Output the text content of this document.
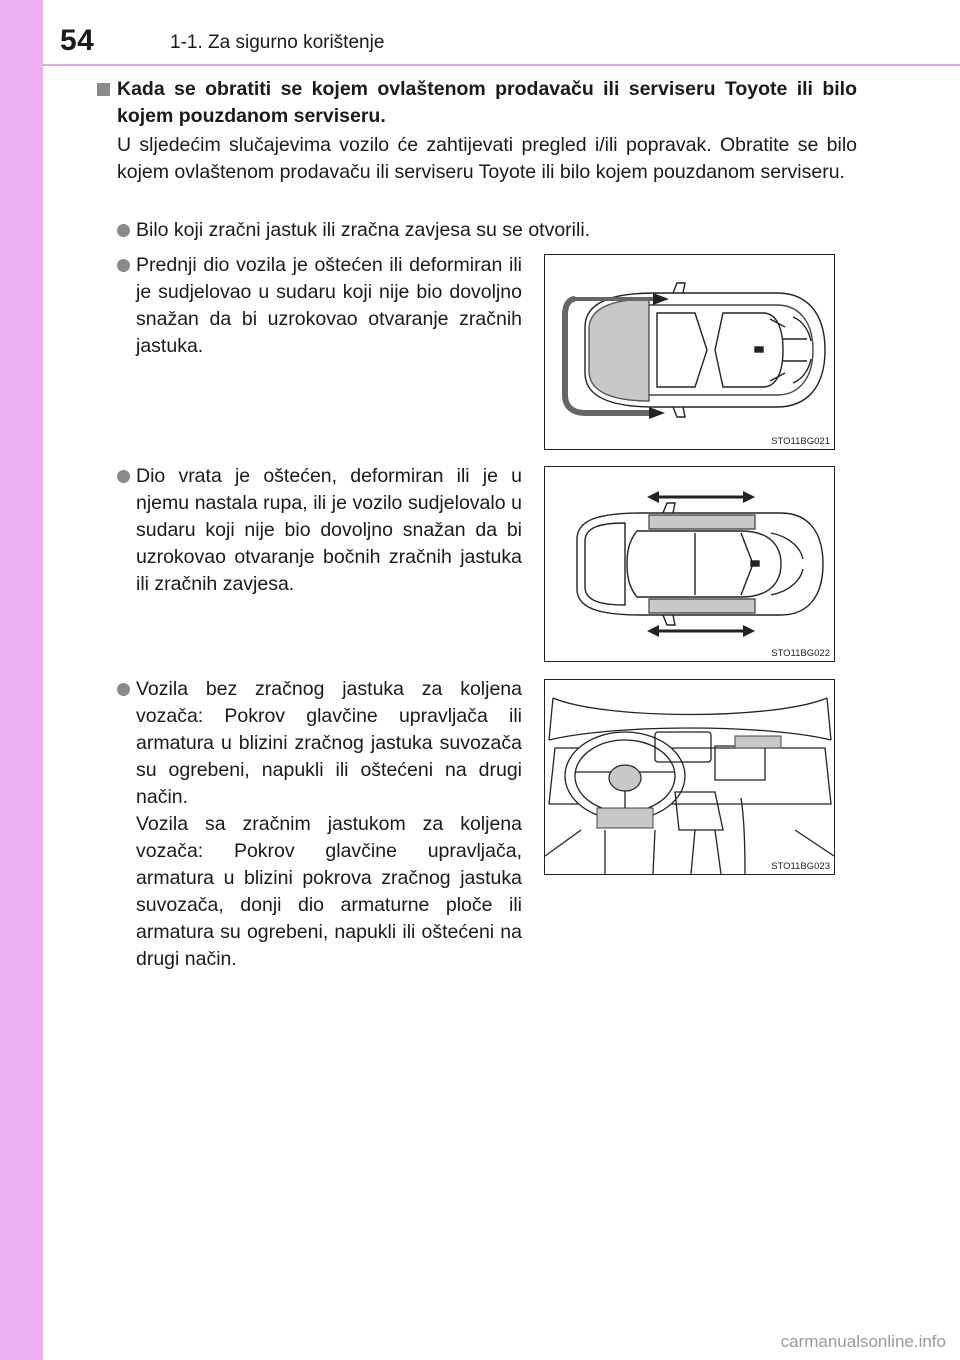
54	1-1. Za sigurno korištenje
Kada se obratiti se kojem ovlaštenom prodavaču ili serviseru Toyote ili bilo kojem pouzdanom serviseru.
U sljedećim slučajevima vozilo će zahtijevati pregled i/ili popravak. Obratite se bilo kojem ovlaštenom prodavaču ili serviseru Toyote ili bilo kojem pouzdanom serviseru.
Bilo koji zračni jastuk ili zračna zavjesa su se otvorili.
Prednji dio vozila je oštećen ili deformiran ili je sudjelovao u sudaru koji nije bio dovoljno snažan da bi uzrokovao otvaranje zračnih jastuka.
Dio vrata je oštećen, deformiran ili je u njemu nastala rupa, ili je vozilo sudjelovalo u sudaru koji nije bio dovoljno snažan da bi uzrokovao otvaranje bočnih zračnih jastuka ili zračnih zavjesa.
Vozila bez zračnog jastuka za koljena vozača: Pokrov glavčine upravljača ili armatura u blizini zračnog jastuka suvozača su ogrebeni, napukli ili oštećeni na drugi način.
Vozila sa zračnim jastukom za koljena vozača: Pokrov glavčine upravljača, armatura u blizini pokrova zračnog jastuka suvozača, donji dio armaturne ploče ili armatura su ogrebeni, napukli ili oštećeni na drugi način.
STO11BG021
STO11BG022
STO11BG023
carmanualsonline.info
